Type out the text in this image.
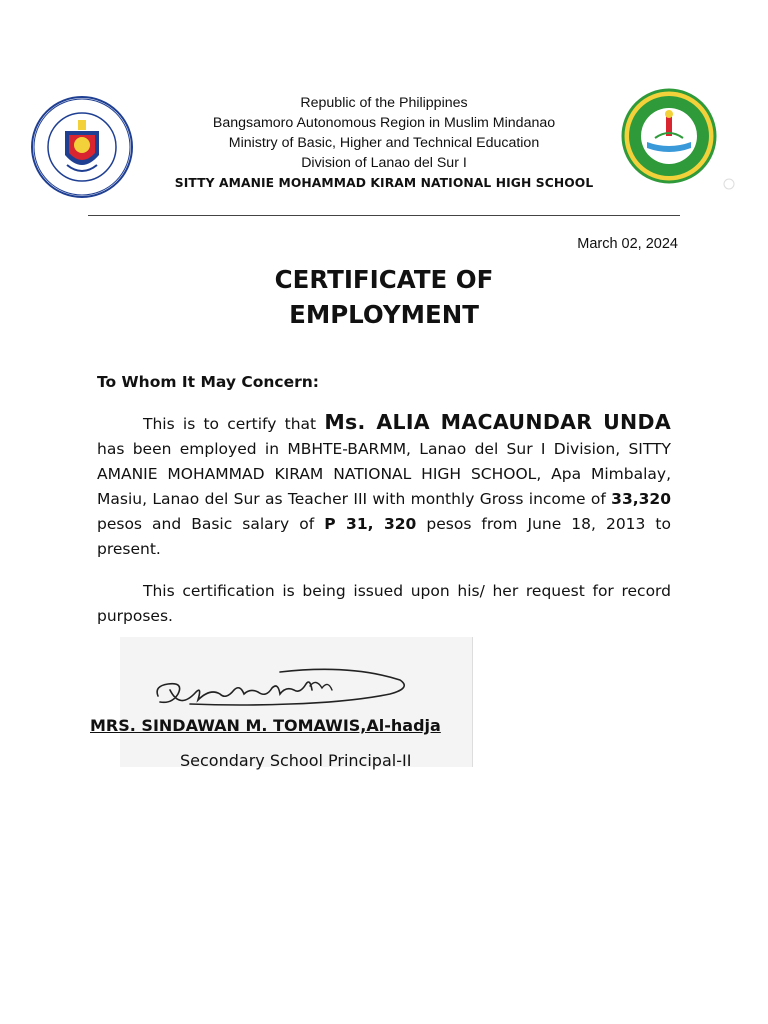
Republic of the Philippines
Bangsamoro Autonomous Region in Muslim Mindanao
Ministry of Basic, Higher and Technical Education
Division of Lanao del Sur I
SITTY AMANIE MOHAMMAD KIRAM NATIONAL HIGH SCHOOL
March 02, 2024
CERTIFICATE OF
EMPLOYMENT
To Whom It May Concern:
This is to certify that Ms. ALIA MACAUNDAR UNDA has been employed in MBHTE-BARMM, Lanao del Sur I Division, SITTY AMANIE MOHAMMAD KIRAM NATIONAL HIGH SCHOOL, Apa Mimbalay, Masiu, Lanao del Sur as Teacher III with monthly Gross income of 33,320 pesos and Basic salary of P 31, 320 pesos from June 18, 2013 to present.
This certification is being issued upon his/ her request for record purposes.
MRS. SINDAWAN M. TOMAWIS,Al-hadja
Secondary School Principal-II
